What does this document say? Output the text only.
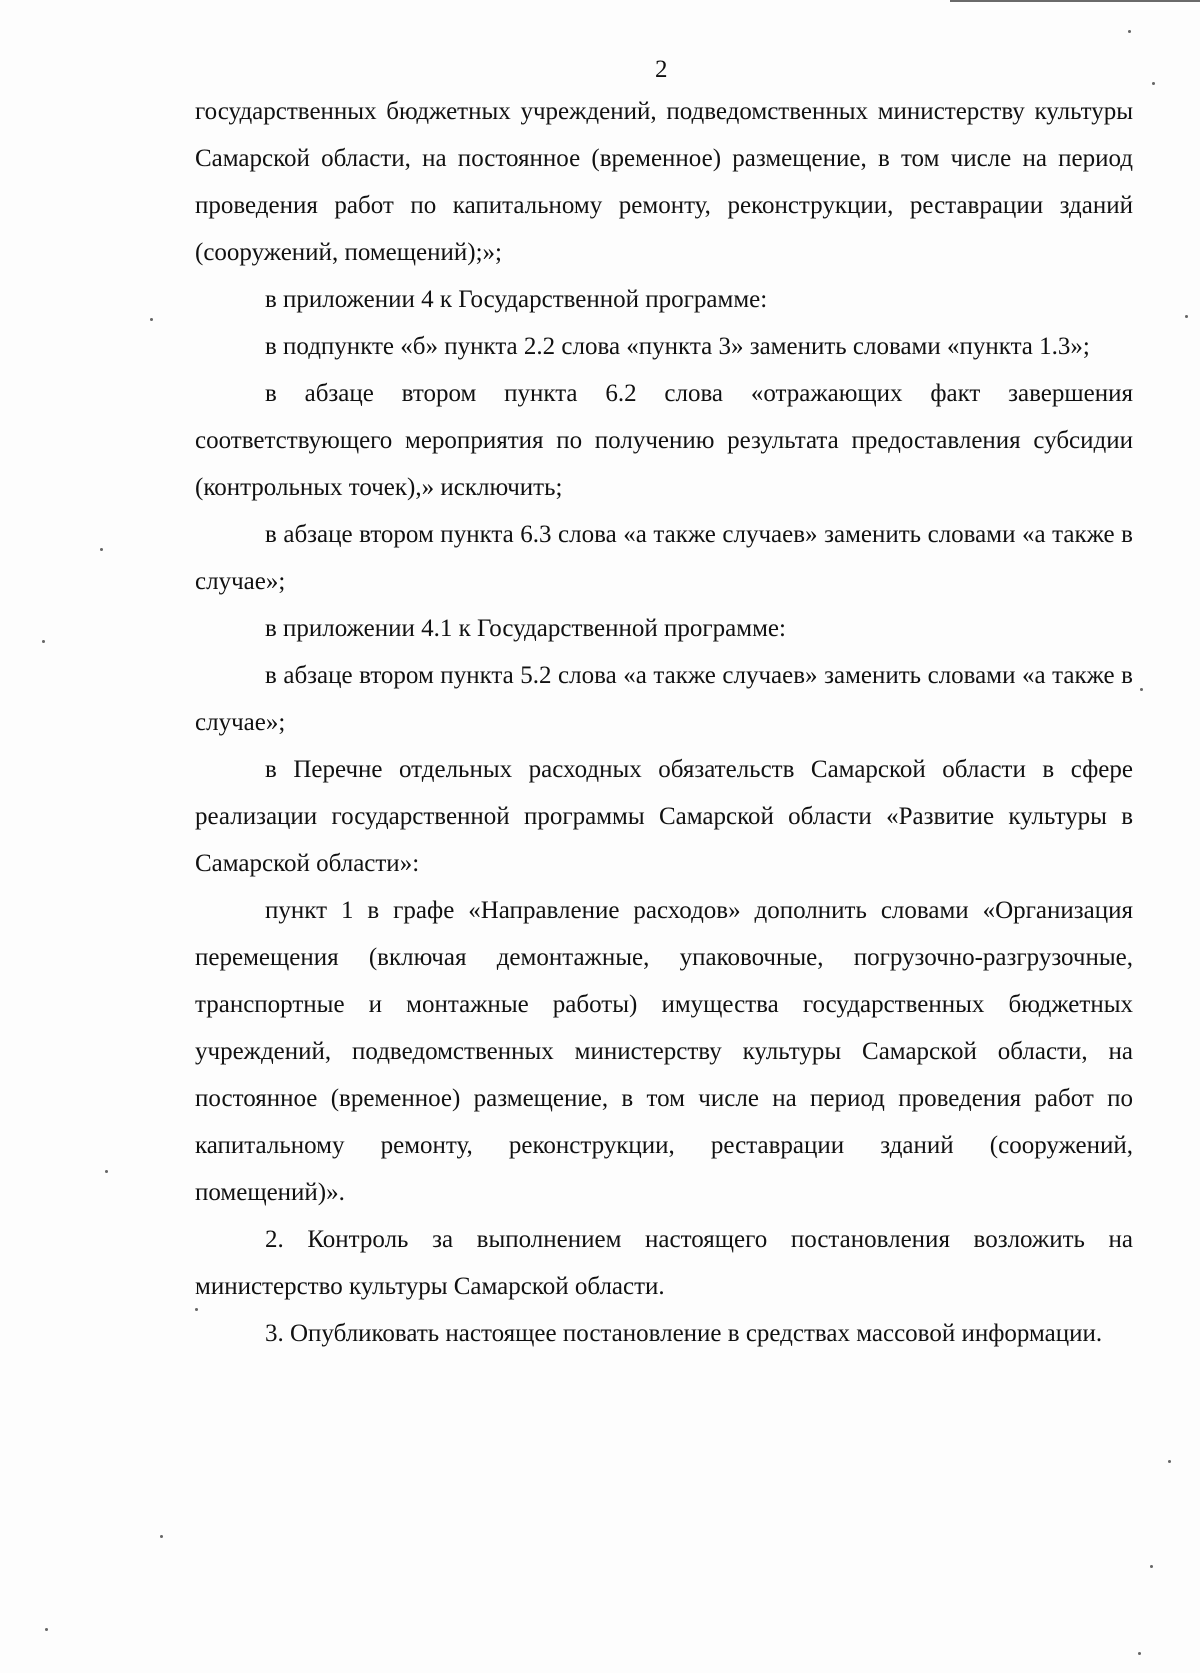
2

государственных бюджетных учреждений, подведомственных министерству культуры Самарской области, на постоянное (временное) размещение, в том числе на период проведения работ по капитальному ремонту, реконструкции, реставрации зданий (сооружений, помещений);»;

в приложении 4 к Государственной программе:

в подпункте «б» пункта 2.2 слова «пункта 3» заменить словами «пункта 1.3»;

в абзаце втором пункта 6.2 слова «отражающих факт завершения соответствующего мероприятия по получению результата предоставления субсидии (контрольных точек),» исключить;

в абзаце втором пункта 6.3 слова «а также случаев» заменить словами «а также в случае»;

в приложении 4.1 к Государственной программе:

в абзаце втором пункта 5.2 слова «а также случаев» заменить словами «а также в случае»;

в Перечне отдельных расходных обязательств Самарской области в сфере реализации государственной программы Самарской области «Развитие культуры в Самарской области»:

пункт 1 в графе «Направление расходов» дополнить словами «Организация перемещения (включая демонтажные, упаковочные, погрузочно-разгрузочные, транспортные и монтажные работы) имущества государственных бюджетных учреждений, подведомственных министерству культуры Самарской области, на постоянное (временное) размещение, в том числе на период проведения работ по капитальному ремонту, реконструкции, реставрации зданий (сооружений, помещений)».

2. Контроль за выполнением настоящего постановления возложить на министерство культуры Самарской области.

3. Опубликовать настоящее постановление в средствах массовой информации.
